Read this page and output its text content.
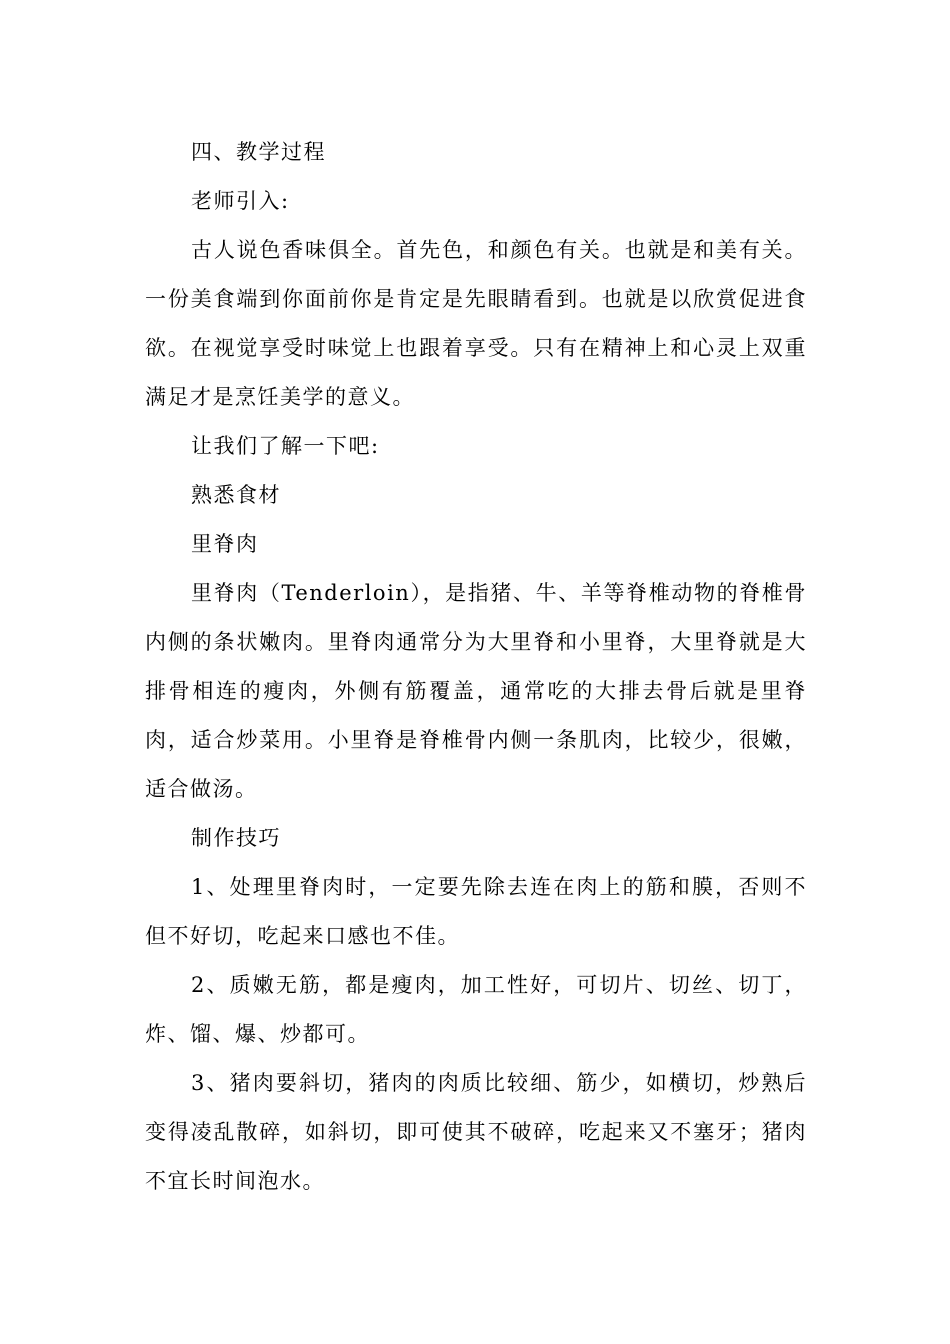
四、教学过程

老师引入:

古人说色香味俱全。首先色，和颜色有关。也就是和美有关。一份美食端到你面前你是肯定是先眼睛看到。也就是以欣赏促进食欲。在视觉享受时味觉上也跟着享受。只有在精神上和心灵上双重满足才是烹饪美学的意义。

让我们了解一下吧:

熟悉食材

里脊肉

里脊肉（Tenderloin），是指猪、牛、羊等脊椎动物的脊椎骨内侧的条状嫩肉。里脊肉通常分为大里脊和小里脊，大里脊就是大排骨相连的瘦肉，外侧有筋覆盖，通常吃的大排去骨后就是里脊肉，适合炒菜用。小里脊是脊椎骨内侧一条肌肉，比较少，很嫩，适合做汤。

制作技巧

1、处理里脊肉时，一定要先除去连在肉上的筋和膜，否则不但不好切，吃起来口感也不佳。

2、质嫩无筋，都是瘦肉，加工性好，可切片、切丝、切丁，炸、馏、爆、炒都可。

3、猪肉要斜切，猪肉的肉质比较细、筋少，如横切，炒熟后变得凌乱散碎，如斜切，即可使其不破碎，吃起来又不塞牙；猪肉不宜长时间泡水。
